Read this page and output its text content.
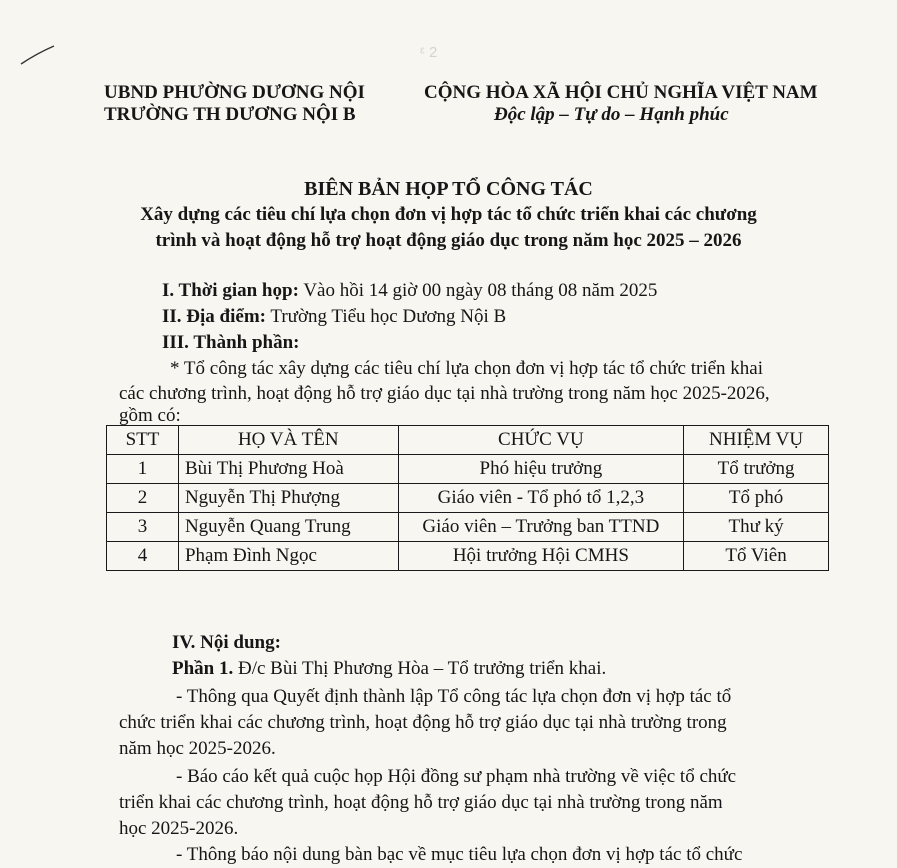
ᵋ 2
UBND PHƯỜNG DƯƠNG NỘI
TRƯỜNG TH DƯƠNG NỘI B
CỘNG HÒA XÃ HỘI CHỦ NGHĨA VIỆT NAM
Độc lập – Tự do – Hạnh phúc
BIÊN BẢN HỌP TỔ CÔNG TÁC
Xây dựng các tiêu chí lựa chọn đơn vị hợp tác tổ chức triển khai các chương
trình và hoạt động hỗ trợ hoạt động giáo dục trong năm học 2025 – 2026
I. Thời gian họp: Vào hồi 14 giờ 00 ngày 08 tháng 08 năm 2025
II. Địa điểm: Trường Tiểu học Dương Nội B
III. Thành phần:
* Tổ công tác xây dựng các tiêu chí lựa chọn đơn vị hợp tác tổ chức triển khai
các chương trình, hoạt động hỗ trợ giáo dục tại nhà trường trong năm học 2025-2026,
gồm có:
STT	HỌ VÀ TÊN	CHỨC VỤ	NHIỆM VỤ
1	Bùi Thị Phương Hoà	Phó hiệu trưởng	Tổ trưởng
2	Nguyễn Thị Phượng	Giáo viên - Tổ phó tổ 1,2,3	Tổ phó
3	Nguyễn Quang Trung	Giáo viên – Trưởng ban TTND	Thư ký
4	Phạm Đình Ngọc	Hội trưởng Hội CMHS	Tổ Viên
IV. Nội dung:
Phần 1. Đ/c Bùi Thị Phương Hòa – Tổ trưởng triển khai.
- Thông qua Quyết định thành lập Tổ công tác lựa chọn đơn vị hợp tác tổ
chức triển khai các chương trình, hoạt động hỗ trợ giáo dục tại nhà trường trong
năm học 2025-2026.
- Báo cáo kết quả cuộc họp Hội đồng sư phạm nhà trường về việc tổ chức
triển khai các chương trình, hoạt động hỗ trợ giáo dục tại nhà trường trong năm
học 2025-2026.
- Thông báo nội dung bàn bạc về mục tiêu lựa chọn đơn vị hợp tác tổ chức
